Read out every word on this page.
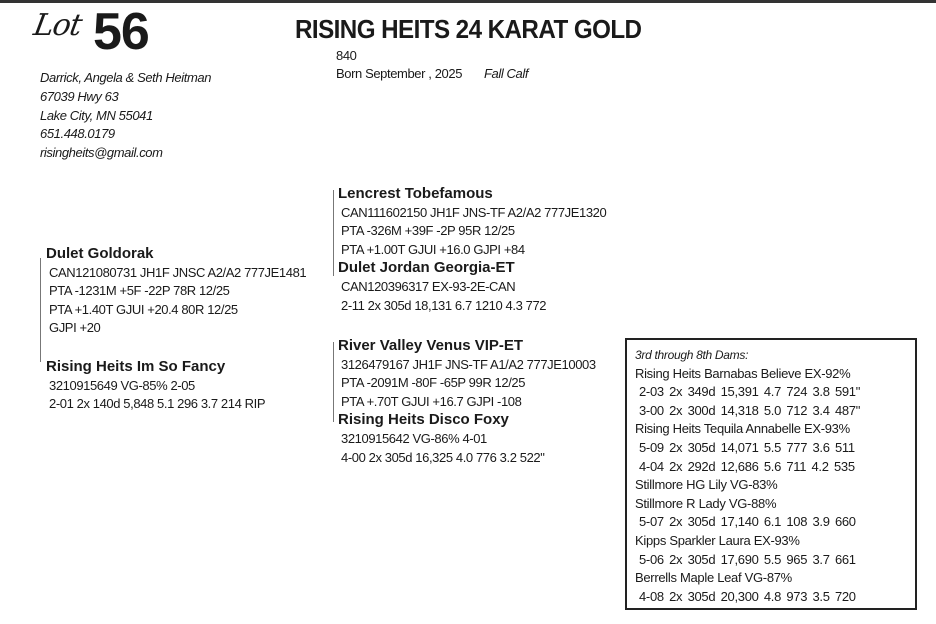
Lot 56	RISING HEITS 24 KARAT GOLD
840
Born September , 2025 Fall Calf
Darrick, Angela & Seth Heitman
67039 Hwy 63
Lake City, MN 55041
651.448.0179
risingheits@gmail.com
Dulet Goldorak
CAN121080731 JH1F JNSC A2/A2 777JE1481
PTA -1231M +5F -22P 78R 12/25
PTA +1.40T GJUI +20.4 80R 12/25
GJPI +20
Rising Heits Im So Fancy
3210915649 VG-85% 2-05
2-01 2x 140d 5,848 5.1 296 3.7 214 RIP
Lencrest Tobefamous
CAN111602150 JH1F JNS-TF A2/A2 777JE1320
PTA -326M +39F -2P 95R 12/25
PTA +1.00T GJUI +16.0 GJPI +84
Dulet Jordan Georgia-ET
CAN120396317 EX-93-2E-CAN
2-11 2x 305d 18,131 6.7 1210 4.3 772
River Valley Venus VIP-ET
3126479167 JH1F JNS-TF A1/A2 777JE10003
PTA -2091M -80F -65P 99R 12/25
PTA +.70T GJUI +16.7 GJPI -108
Rising Heits Disco Foxy
3210915642 VG-86% 4-01
4-00 2x 305d 16,325 4.0 776 3.2 522"
3rd through 8th Dams:
Rising Heits Barnabas Believe EX-92%
2-03 2x 349d 15,391 4.7 724 3.8 591"
3-00 2x 300d 14,318 5.0 712 3.4 487"
Rising Heits Tequila Annabelle EX-93%
5-09 2x 305d 14,071 5.5 777 3.6 511
4-04 2x 292d 12,686 5.6 711 4.2 535
Stillmore HG Lily VG-83%
Stillmore R Lady VG-88%
5-07 2x 305d 17,140 6.1 108 3.9 660
Kipps Sparkler Laura EX-93%
5-06 2x 305d 17,690 5.5 965 3.7 661
Berrells Maple Leaf VG-87%
4-08 2x 305d 20,300 4.8 973 3.5 720
